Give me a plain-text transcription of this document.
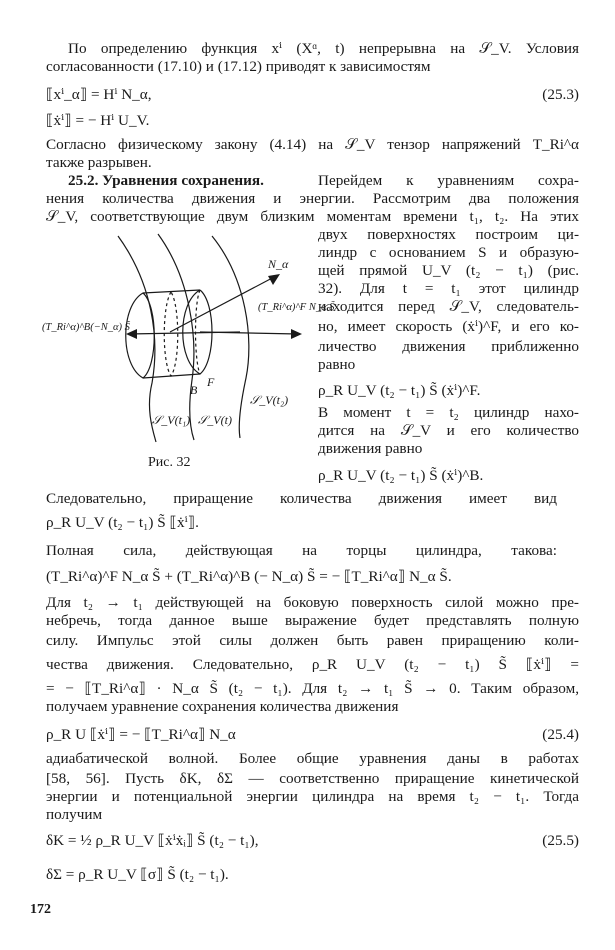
По определению функция xⁱ (Xᵅ, t) непрерывна на 𝒮_V. Условия
согласованности (17.10) и (17.12) приводят к зависимостям
⟦xⁱ_α⟧ = Hⁱ N_α,	(25.3)
⟦ẋⁱ⟧ = − Hⁱ U_V.
Согласно физическому закону (4.14) на 𝒮_V тензор напряжений T_Ri^α
также разрывен.
25.2. Уравнения сохранения.	Перейдем к уравнениям сохра-
нения количества движения и энергии. Рассмотрим два положения
𝒮_V, соответствующие двум близким моментам времени t₁, t₂. На этих
двух поверхностях построим ци-
линдр с основанием S и образую-
щей прямой U_V (t₂ − t₁) (рис.
32). Для t = t₁ этот цилиндр
находится перед 𝒮_V, следователь-
но, имеет скорость (ẋⁱ)^F, и его ко-
личество движения приближенно
равно
ρ_R U_V (t₂ − t₁) S̃ (ẋⁱ)^F.
В момент t = t₂ цилиндр нахо-
дится на 𝒮_V и его количество
движения равно
ρ_R U_V (t₂ − t₁) S̃ (ẋⁱ)^B.
N_α
(T_Ri^α)^F N_α S̃
(T_Ri^α)^B(−N_α) S̃
B
F
𝒮_V(t₂)
𝒮_V(t₁) 𝒮_V(t)
Рис. 32
Следовательно, приращение количества движения имеет вид
ρ_R U_V (t₂ − t₁) S̃ ⟦ẋⁱ⟧.
Полная сила, действующая на торцы цилиндра, такова:
(T_Ri^α)^F N_α S̃ + (T_Ri^α)^B (− N_α) S̃ = − ⟦T_Ri^α⟧ N_α S̃.
Для t₂ → t₁ действующей на боковую поверхность силой можно пре-
небречь, тогда данное выше выражение будет представлять полную
силу. Импульс этой силы должен быть равен приращению коли-
чества движения. Следовательно, ρ_R U_V (t₂ − t₁) S̃ ⟦ẋⁱ⟧ =
= − ⟦T_Ri^α⟧ · N_α S̃ (t₂ − t₁). Для t₂ → t₁ S̃ → 0. Таким образом,
получаем уравнение сохранения количества движения
ρ_R U ⟦ẋⁱ⟧ = − ⟦T_Ri^α⟧ N_α	(25.4)
адиабатической волной. Более общие уравнения даны в работах
[58, 56]. Пусть δK, δΣ — соответственно приращение кинетической
энергии и потенциальной энергии цилиндра на время t₂ − t₁. Тогда
получим
δK = ½ ρ_R U_V ⟦ẋⁱẋᵢ⟧ S̃ (t₂ − t₁),	(25.5)
δΣ = ρ_R U_V ⟦σ⟧ S̃ (t₂ − t₁).
172
